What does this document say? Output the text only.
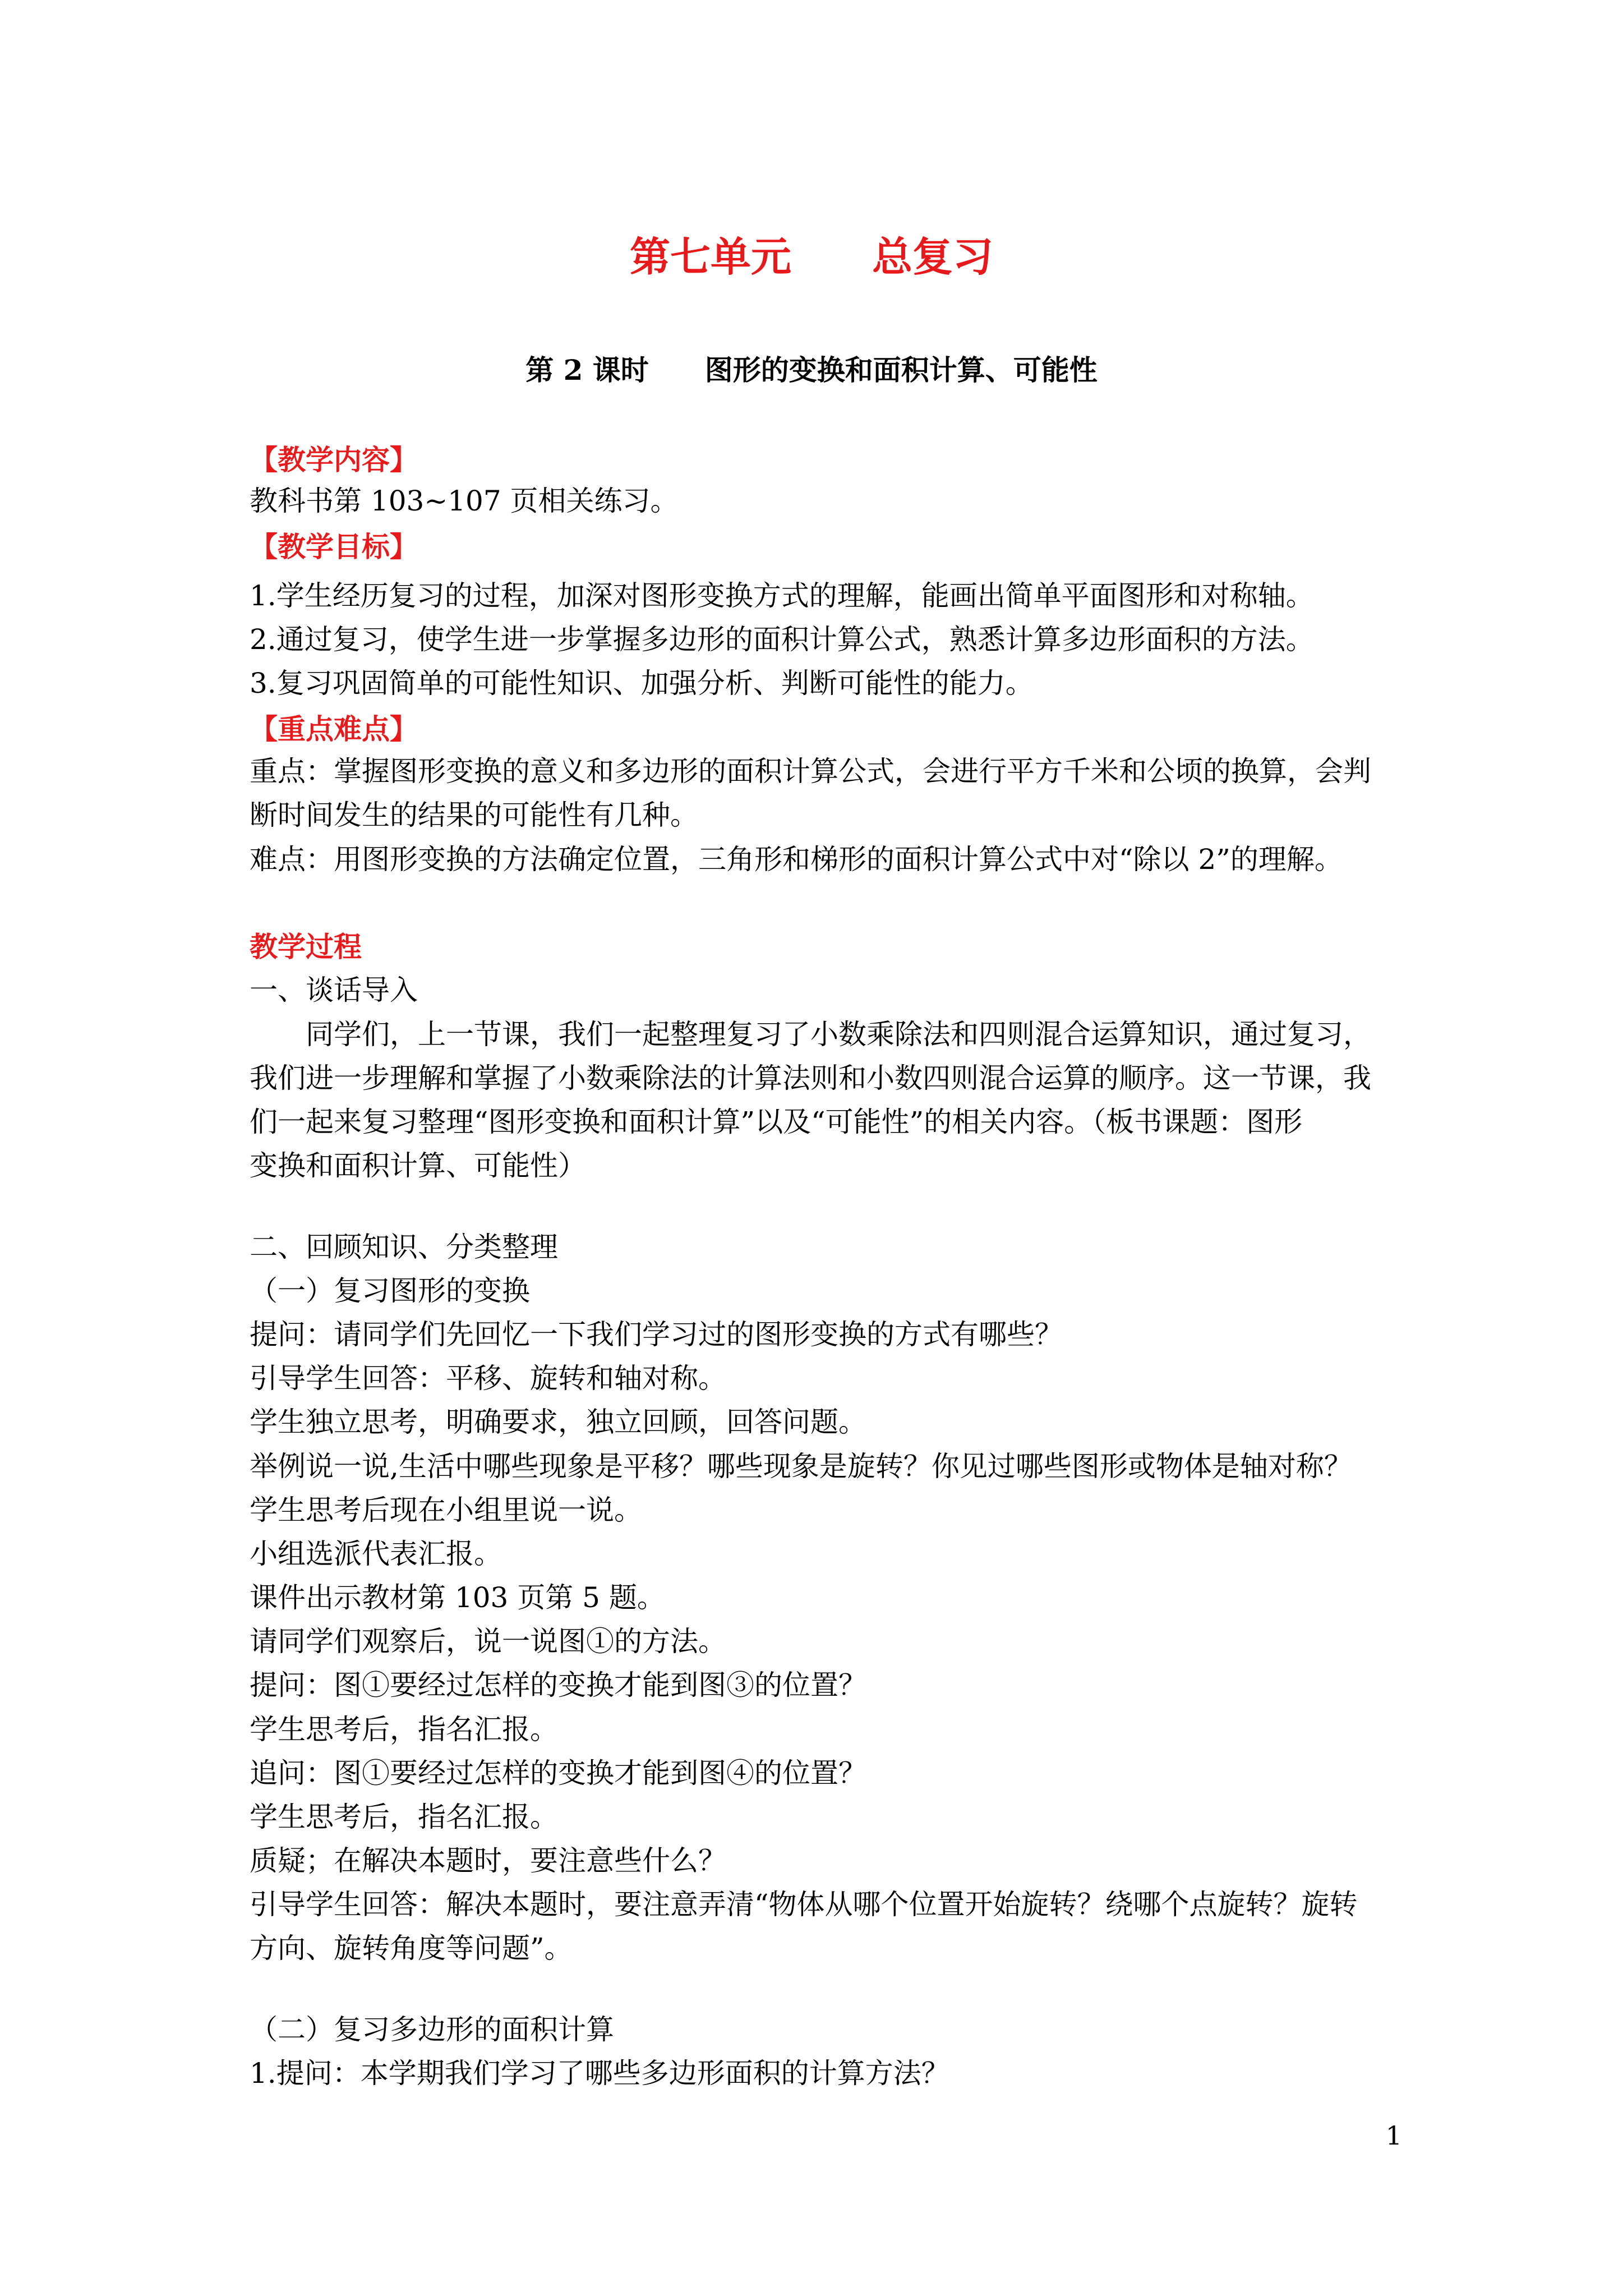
第七单元　　总复习
第 2 课时　　图形的变换和面积计算、可能性
【教学内容】
教科书第 103~107 页相关练习。
【教学目标】
1.学生经历复习的过程，加深对图形变换方式的理解，能画出简单平面图形和对称轴。
2.通过复习，使学生进一步掌握多边形的面积计算公式，熟悉计算多边形面积的方法。
3.复习巩固简单的可能性知识、加强分析、判断可能性的能力。
【重点难点】
重点：掌握图形变换的意义和多边形的面积计算公式，会进行平方千米和公顷的换算，会判
断时间发生的结果的可能性有几种。
难点：用图形变换的方法确定位置，三角形和梯形的面积计算公式中对“除以 2”的理解。
教学过程
一、谈话导入
　　同学们，上一节课，我们一起整理复习了小数乘除法和四则混合运算知识，通过复习，
我们进一步理解和掌握了小数乘除法的计算法则和小数四则混合运算的顺序。这一节课，我
们一起来复习整理“图形变换和面积计算”以及“可能性”的相关内容。（板书课题：图形
变换和面积计算、可能性）
二、回顾知识、分类整理
（一）复习图形的变换
提问：请同学们先回忆一下我们学习过的图形变换的方式有哪些？
引导学生回答：平移、旋转和轴对称。
学生独立思考，明确要求，独立回顾，回答问题。
举例说一说,生活中哪些现象是平移？哪些现象是旋转？你见过哪些图形或物体是轴对称？
学生思考后现在小组里说一说。
小组选派代表汇报。
课件出示教材第 103 页第 5 题。
请同学们观察后，说一说图①的方法。
提问：图①要经过怎样的变换才能到图③的位置？
学生思考后，指名汇报。
追问：图①要经过怎样的变换才能到图④的位置？
学生思考后，指名汇报。
质疑；在解决本题时，要注意些什么？
引导学生回答：解决本题时，要注意弄清“物体从哪个位置开始旋转？绕哪个点旋转？旋转
方向、旋转角度等问题”。
（二）复习多边形的面积计算
1.提问：本学期我们学习了哪些多边形面积的计算方法？
1
